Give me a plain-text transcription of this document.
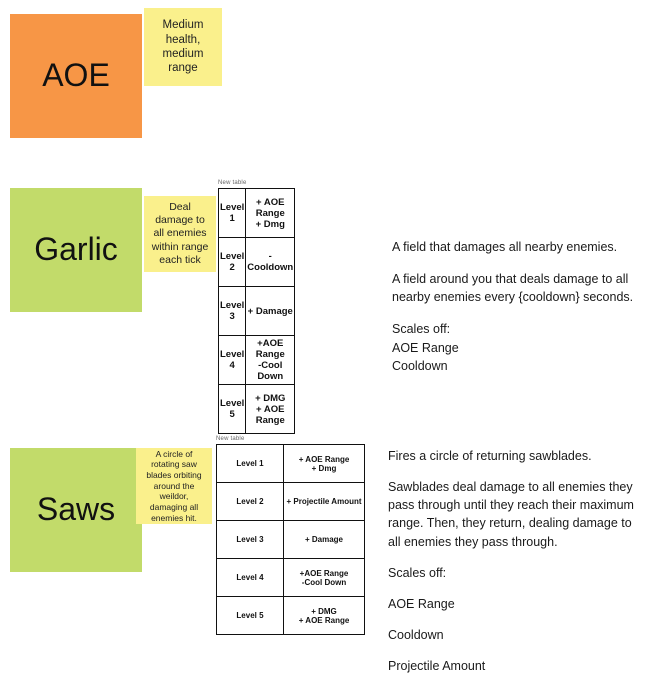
AOE
Medium health, medium range
Garlic
Deal damage to all enemies within range each tick
New table
Level 1	+ AOE Range
+ Dmg
Level 2	- Cooldown
Level 3	+ Damage
Level 4	+AOE Range
-Cool Down
Level 5	+ DMG
+ AOE Range

A field that damages all nearby enemies.

A field around you that deals damage to all nearby enemies every {cooldown} seconds.

Scales off:

AOE Range

Cooldown

Saws
A circle of rotating saw blades orbiting around the weildor, damaging all enemies hit.
New table
Level 1	+ AOE Range
+ Dmg
Level 2	+ Projectile Amount
Level 3	+ Damage
Level 4	+AOE Range
-Cool Down
Level 5	+ DMG
+ AOE Range

Fires a circle of returning sawblades.

Sawblades deal damage to all enemies they pass through until they reach their maximum range. Then, they return, dealing damage to all enemies they pass through.

Scales off:

AOE Range

Cooldown

Projectile Amount
